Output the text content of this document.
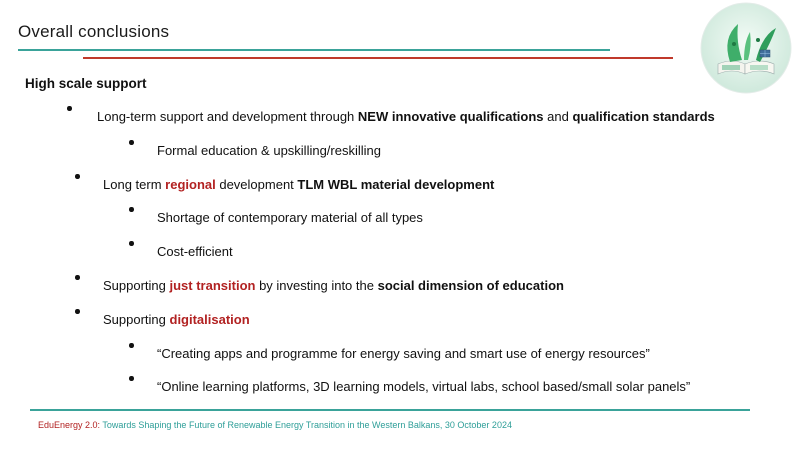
Overall conclusions
High scale support
Long-term support and development through NEW innovative qualifications and qualification standards
Formal education & upskilling/reskilling
Long term regional development TLM WBL material development
Shortage of contemporary material of all types
Cost-efficient
Supporting just transition by investing into the social dimension of education
Supporting digitalisation
“Creating apps and programme for energy saving and smart use of energy resources”
“Online learning platforms, 3D learning models, virtual labs, school based/small solar panels”
EduEnergy 2.0: Towards Shaping the Future of Renewable Energy Transition in the Western Balkans, 30 October 2024
